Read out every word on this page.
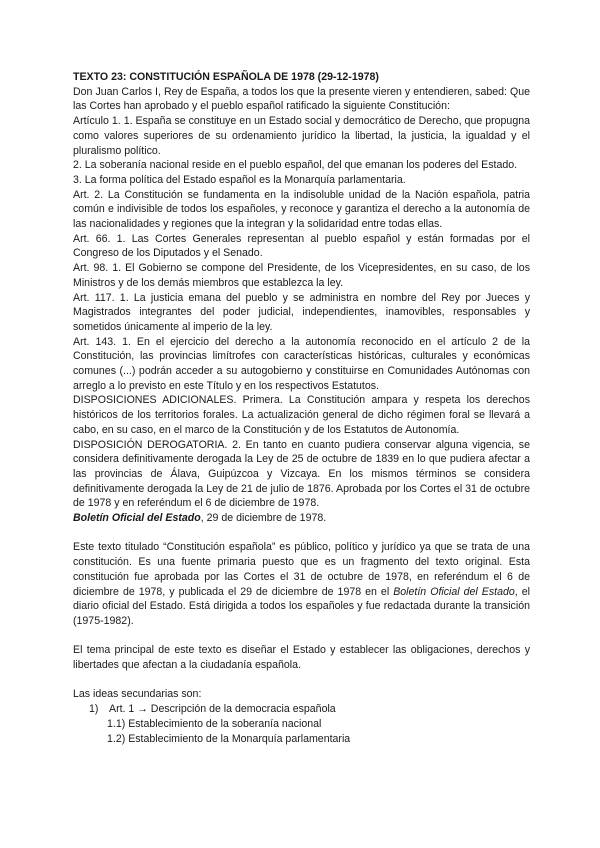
TEXTO 23: CONSTITUCIÓN ESPAÑOLA DE 1978 (29-12-1978)

Don Juan Carlos I, Rey de España, a todos los que la presente vieren y entendieren, sabed: Que las Cortes han aprobado y el pueblo español ratificado la siguiente Constitución:

Artículo 1. 1. España se constituye en un Estado social y democrático de Derecho, que propugna como valores superiores de su ordenamiento jurídico la libertad, la justicia, la igualdad y el pluralismo político.

2. La soberanía nacional reside en el pueblo español, del que emanan los poderes del Estado.

3. La forma política del Estado español es la Monarquía parlamentaria.

Art. 2. La Constitución se fundamenta en la indisoluble unidad de la Nación española, patria común e indivisible de todos los españoles, y reconoce y garantiza el derecho a la autonomía de las nacionalidades y regiones que la integran y la solidaridad entre todas ellas.

Art. 66. 1. Las Cortes Generales representan al pueblo español y están formadas por el Congreso de los Diputados y el Senado.

Art. 98. 1. El Gobierno se compone del Presidente, de los Vicepresidentes, en su caso, de los Ministros y de los demás miembros que establezca la ley.

Art. 117. 1. La justicia emana del pueblo y se administra en nombre del Rey por Jueces y Magistrados integrantes del poder judicial, independientes, inamovibles, responsables y sometidos únicamente al imperio de la ley.

Art. 143. 1. En el ejercicio del derecho a la autonomía reconocido en el artículo 2 de la Constitución, las provincias limítrofes con características históricas, culturales y económicas comunes (...) podrán acceder a su autogobierno y constituirse en Comunidades Autónomas con arreglo a lo previsto en este Título y en los respectivos Estatutos.

DISPOSICIONES ADICIONALES. Primera. La Constitución ampara y respeta los derechos históricos de los territorios forales. La actualización general de dicho régimen foral se llevará a cabo, en su caso, en el marco de la Constitución y de los Estatutos de Autonomía.

DISPOSICIÓN DEROGATORIA. 2. En tanto en cuanto pudiera conservar alguna vigencia, se considera definitivamente derogada la Ley de 25 de octubre de 1839 en lo que pudiera afectar a las provincias de Álava, Guipúzcoa y Vizcaya. En los mismos términos se considera definitivamente derogada la Ley de 21 de julio de 1876. Aprobada por los Cortes el 31 de octubre de 1978 y en referéndum el 6 de diciembre de 1978.

Boletín Oficial del Estado, 29 de diciembre de 1978.

Este texto titulado “Constitución española” es público, político y jurídico ya que se trata de una constitución. Es una fuente primaria puesto que es un fragmento del texto original. Esta constitución fue aprobada por las Cortes el 31 de octubre de 1978, en referéndum el 6 de diciembre de 1978, y publicada el 29 de diciembre de 1978 en el Boletín Oficial del Estado, el diario oficial del Estado. Está dirigida a todos los españoles y fue redactada durante la transición (1975-1982).

El tema principal de este texto es diseñar el Estado y establecer las obligaciones, derechos y libertades que afectan a la ciudadanía española.

Las ideas secundarias son:

1) Art. 1 → Descripción de la democracia española
1.1) Establecimiento de la soberanía nacional
1.2) Establecimiento de la Monarquía parlamentaria
